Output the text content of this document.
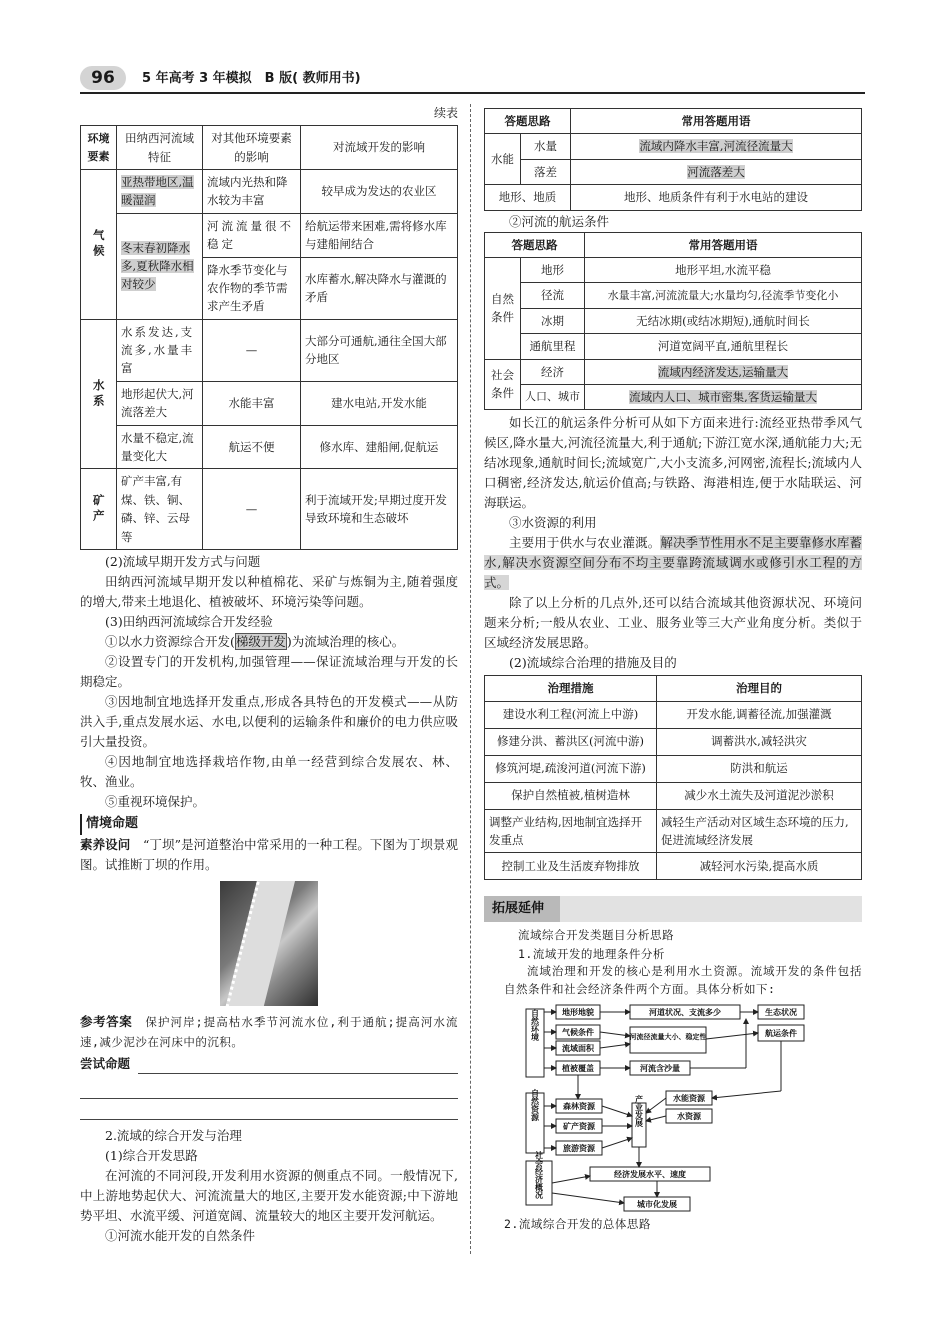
96	5 年高考 3 年模拟　B 版( 教师用书)
续表
环境要素	田纳西河流域特征	对其他环境要素的影响	对流域开发的影响
气候	亚热带地区,温暖湿润	流域内光热和降水较为丰富	较早成为发达的农业区
	冬末春初降水多,夏秋降水相对较少	河流流量很不稳定	给航运带来困难,需将修水库与建船闸结合
		降水季节变化与农作物的季节需求产生矛盾	水库蓄水,解决降水与灌溉的矛盾
水系	水系发达,支流多,水量丰富	—	大部分可通航,通往全国大部分地区
	地形起伏大,河流落差大	水能丰富	建水电站,开发水能
	水量不稳定,流量变化大	航运不便	修水库、建船闸,促航运
矿产	矿产丰富,有煤、铁、铜、磷、锌、云母等	—	利于流域开发;早期过度开发导致环境和生态破坏

(2)流域早期开发方式与问题

田纳西河流域早期开发以种植棉花、采矿与炼铜为主,随着强度的增大,带来土地退化、植被破坏、环境污染等问题。

(3)田纳西河流域综合开发经验

①以水力资源综合开发(梯级开发)为流域治理的核心。

②设置专门的开发机构,加强管理——保证流域治理与开发的长期稳定。

③因地制宜地选择开发重点,形成各具特色的开发模式——从防洪入手,重点发展水运、水电,以便利的运输条件和廉价的电力供应吸引大量投资。

④因地制宜地选择栽培作物,由单一经营到综合发展农、林、牧、渔业。

⑤重视环境保护。

情境命题

素养设问　 “丁坝”是河道整治中常采用的一种工程。下图为丁坝景观图。试推断丁坝的作用。

参考答案　 保护河岸;提高枯水季节河流水位,利于通航;提高河水流速,减少泥沙在河床中的沉积。

尝试命题

2.流域的综合开发与治理

(1)综合开发思路

在河流的不同河段,开发利用水资源的侧重点不同。一般情况下,中上游地势起伏大、河流流量大的地区,主要开发水能资源;中下游地势平坦、水流平缓、河道宽阔、流量较大的地区主要开发河航运。

①河流水能开发的自然条件

答题思路		常用答题用语
水能	水量	流域内降水丰富,河流径流量大
	落差	河流落差大
地形、地质		地形、地质条件有利于水电站的建设

②河流的航运条件

答题思路		常用答题用语
自然条件	地形	地形平坦,水流平稳
	径流	水量丰富,河流流量大;水量均匀,径流季节变化小
	冰期	无结冰期(或结冰期短),通航时间长
	通航里程	河道宽阔平直,通航里程长
社会条件	经济	流域内经济发达,运输量大
	人口、城市	流域内人口、城市密集,客货运输量大

如长江的航运条件分析可从如下方面来进行:流经亚热带季风气候区,降水量大,河流径流量大,利于通航;下游江宽水深,通航能力大;无结冰现象,通航时间长;流域宽广,大小支流多,河网密,流程长;流域内人口稠密,经济发达,航运价值高;与铁路、海港相连,便于水陆联运、河海联运。

③水资源的利用

主要用于供水与农业灌溉。解决季节性用水不足主要靠修水库蓄水,解决水资源空间分布不均主要靠跨流域调水或修引水工程的方式。

除了以上分析的几点外,还可以结合流域其他资源状况、环境问题来分析;一般从农业、工业、服务业等三大产业角度分析。类似于区域经济发展思路。

(2)流域综合治理的措施及目的

治理措施	治理目的
建设水利工程(河流上中游)	开发水能,调蓄径流,加强灌溉
修建分洪、蓄洪区(河流中游)	调蓄洪水,减轻洪灾
修筑河堤,疏浚河道(河流下游)	防洪和航运
保护自然植被,植树造林	减少水土流失及河道泥沙淤积
调整产业结构,因地制宜选择开发重点	减轻生产活动对区域生态环境的压力,促进流域经济发展
控制工业及生活废弃物排放	减轻河水污染,提高水质
拓展延伸

流域综合开发类题目分析思路

1.流域开发的地理条件分析

流域治理和开发的核心是利用水土资源。流域开发的条件包括自然条件和社会经济条件两个方面。具体分析如下:

自然环境	地形地貌
气候条件
流域面积
植被覆盖
河道状况、支流多少
河流径流量大小、稳定性
河流含沙量
生态状况
航运条件
自然资源	森林资源
矿产资源
旅游资源
产业发展	水能资源
水资源
社会经济概况	经济发展水平、速度
城市化发展

2.流域综合开发的总体思路
